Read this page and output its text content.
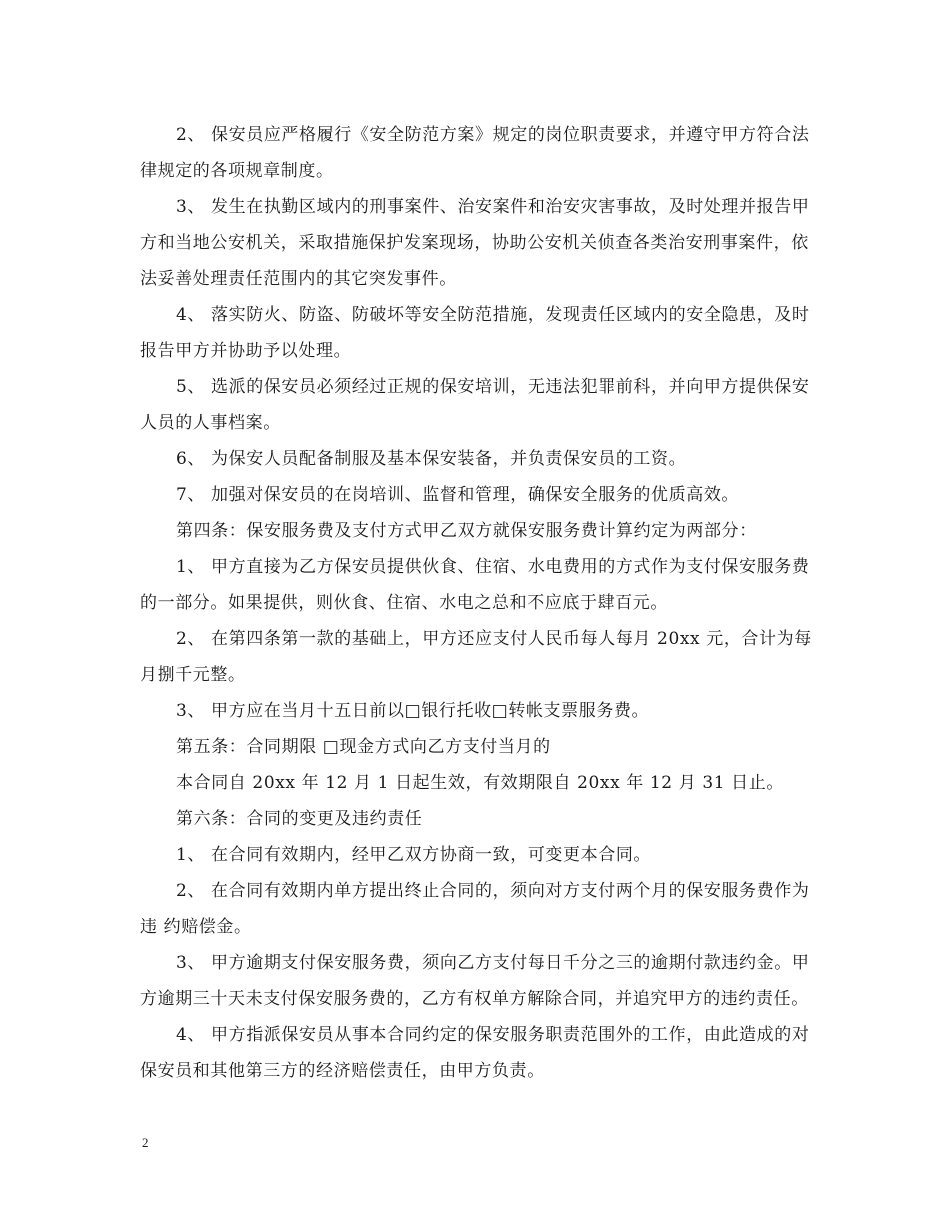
2、 保安员应严格履行《安全防范方案》规定的岗位职责要求，并遵守甲方符合法律规定的各项规章制度。

3、 发生在执勤区域内的刑事案件、治安案件和治安灾害事故，及时处理并报告甲方和当地公安机关，采取措施保护发案现场，协助公安机关侦查各类治安刑事案件，依法妥善处理责任范围内的其它突发事件。

4、 落实防火、防盗、防破坏等安全防范措施，发现责任区域内的安全隐患，及时报告甲方并协助予以处理。

5、 选派的保安员必须经过正规的保安培训，无违法犯罪前科，并向甲方提供保安人员的人事档案。

6、 为保安人员配备制服及基本保安装备，并负责保安员的工资。

7、 加强对保安员的在岗培训、监督和管理，确保安全服务的优质高效。

第四条：保安服务费及支付方式甲乙双方就保安服务费计算约定为两部分：

1、 甲方直接为乙方保安员提供伙食、住宿、水电费用的方式作为支付保安服务费的一部分。如果提供，则伙食、住宿、水电之总和不应底于肆百元。

2、 在第四条第一款的基础上，甲方还应支付人民币每人每月 20xx 元，合计为每月捌千元整。

3、 甲方应在当月十五日前以□银行托收□转帐支票服务费。

第五条：合同期限 □现金方式向乙方支付当月的

本合同自 20xx 年 12 月 1 日起生效，有效期限自 20xx 年 12 月 31 日止。

第六条：合同的变更及违约责任

1、 在合同有效期内，经甲乙双方协商一致，可变更本合同。

2、 在合同有效期内单方提出终止合同的，须向对方支付两个月的保安服务费作为违 约赔偿金。

3、 甲方逾期支付保安服务费，须向乙方支付每日千分之三的逾期付款违约金。甲方逾期三十天未支付保安服务费的，乙方有权单方解除合同，并追究甲方的违约责任。

4、 甲方指派保安员从事本合同约定的保安服务职责范围外的工作，由此造成的对保安员和其他第三方的经济赔偿责任，由甲方负责。

2
